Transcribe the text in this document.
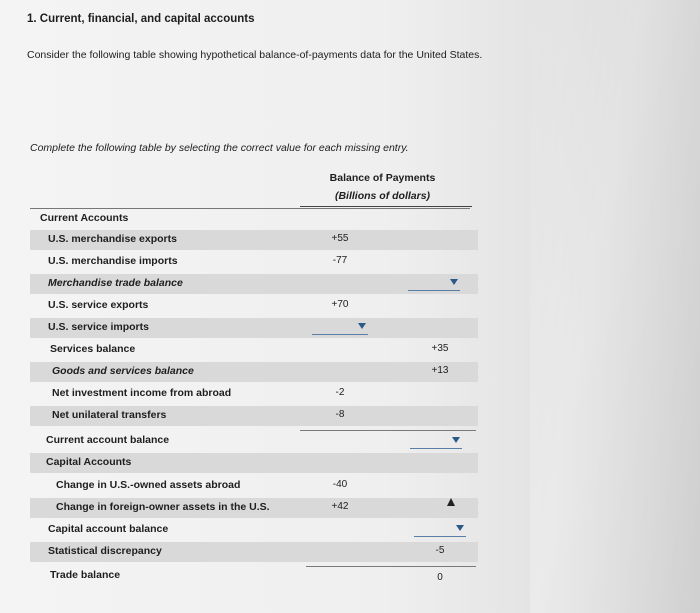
1. Current, financial, and capital accounts
Consider the following table showing hypothetical balance-of-payments data for the United States.
Complete the following table by selecting the correct value for each missing entry.
Balance of Payments
(Billions of dollars)
Current Accounts
U.S. merchandise exports	+55
U.S. merchandise imports	-77
Merchandise trade balance
U.S. service exports	+70
U.S. service imports
Services balance	+35
Goods and services balance	+13
Net investment income from abroad	-2
Net unilateral transfers	-8
Current account balance
Capital Accounts
Change in U.S.-owned assets abroad	-40
Change in foreign-owner assets in the U.S.	+42
Capital account balance
Statistical discrepancy	-5
Trade balance	0
